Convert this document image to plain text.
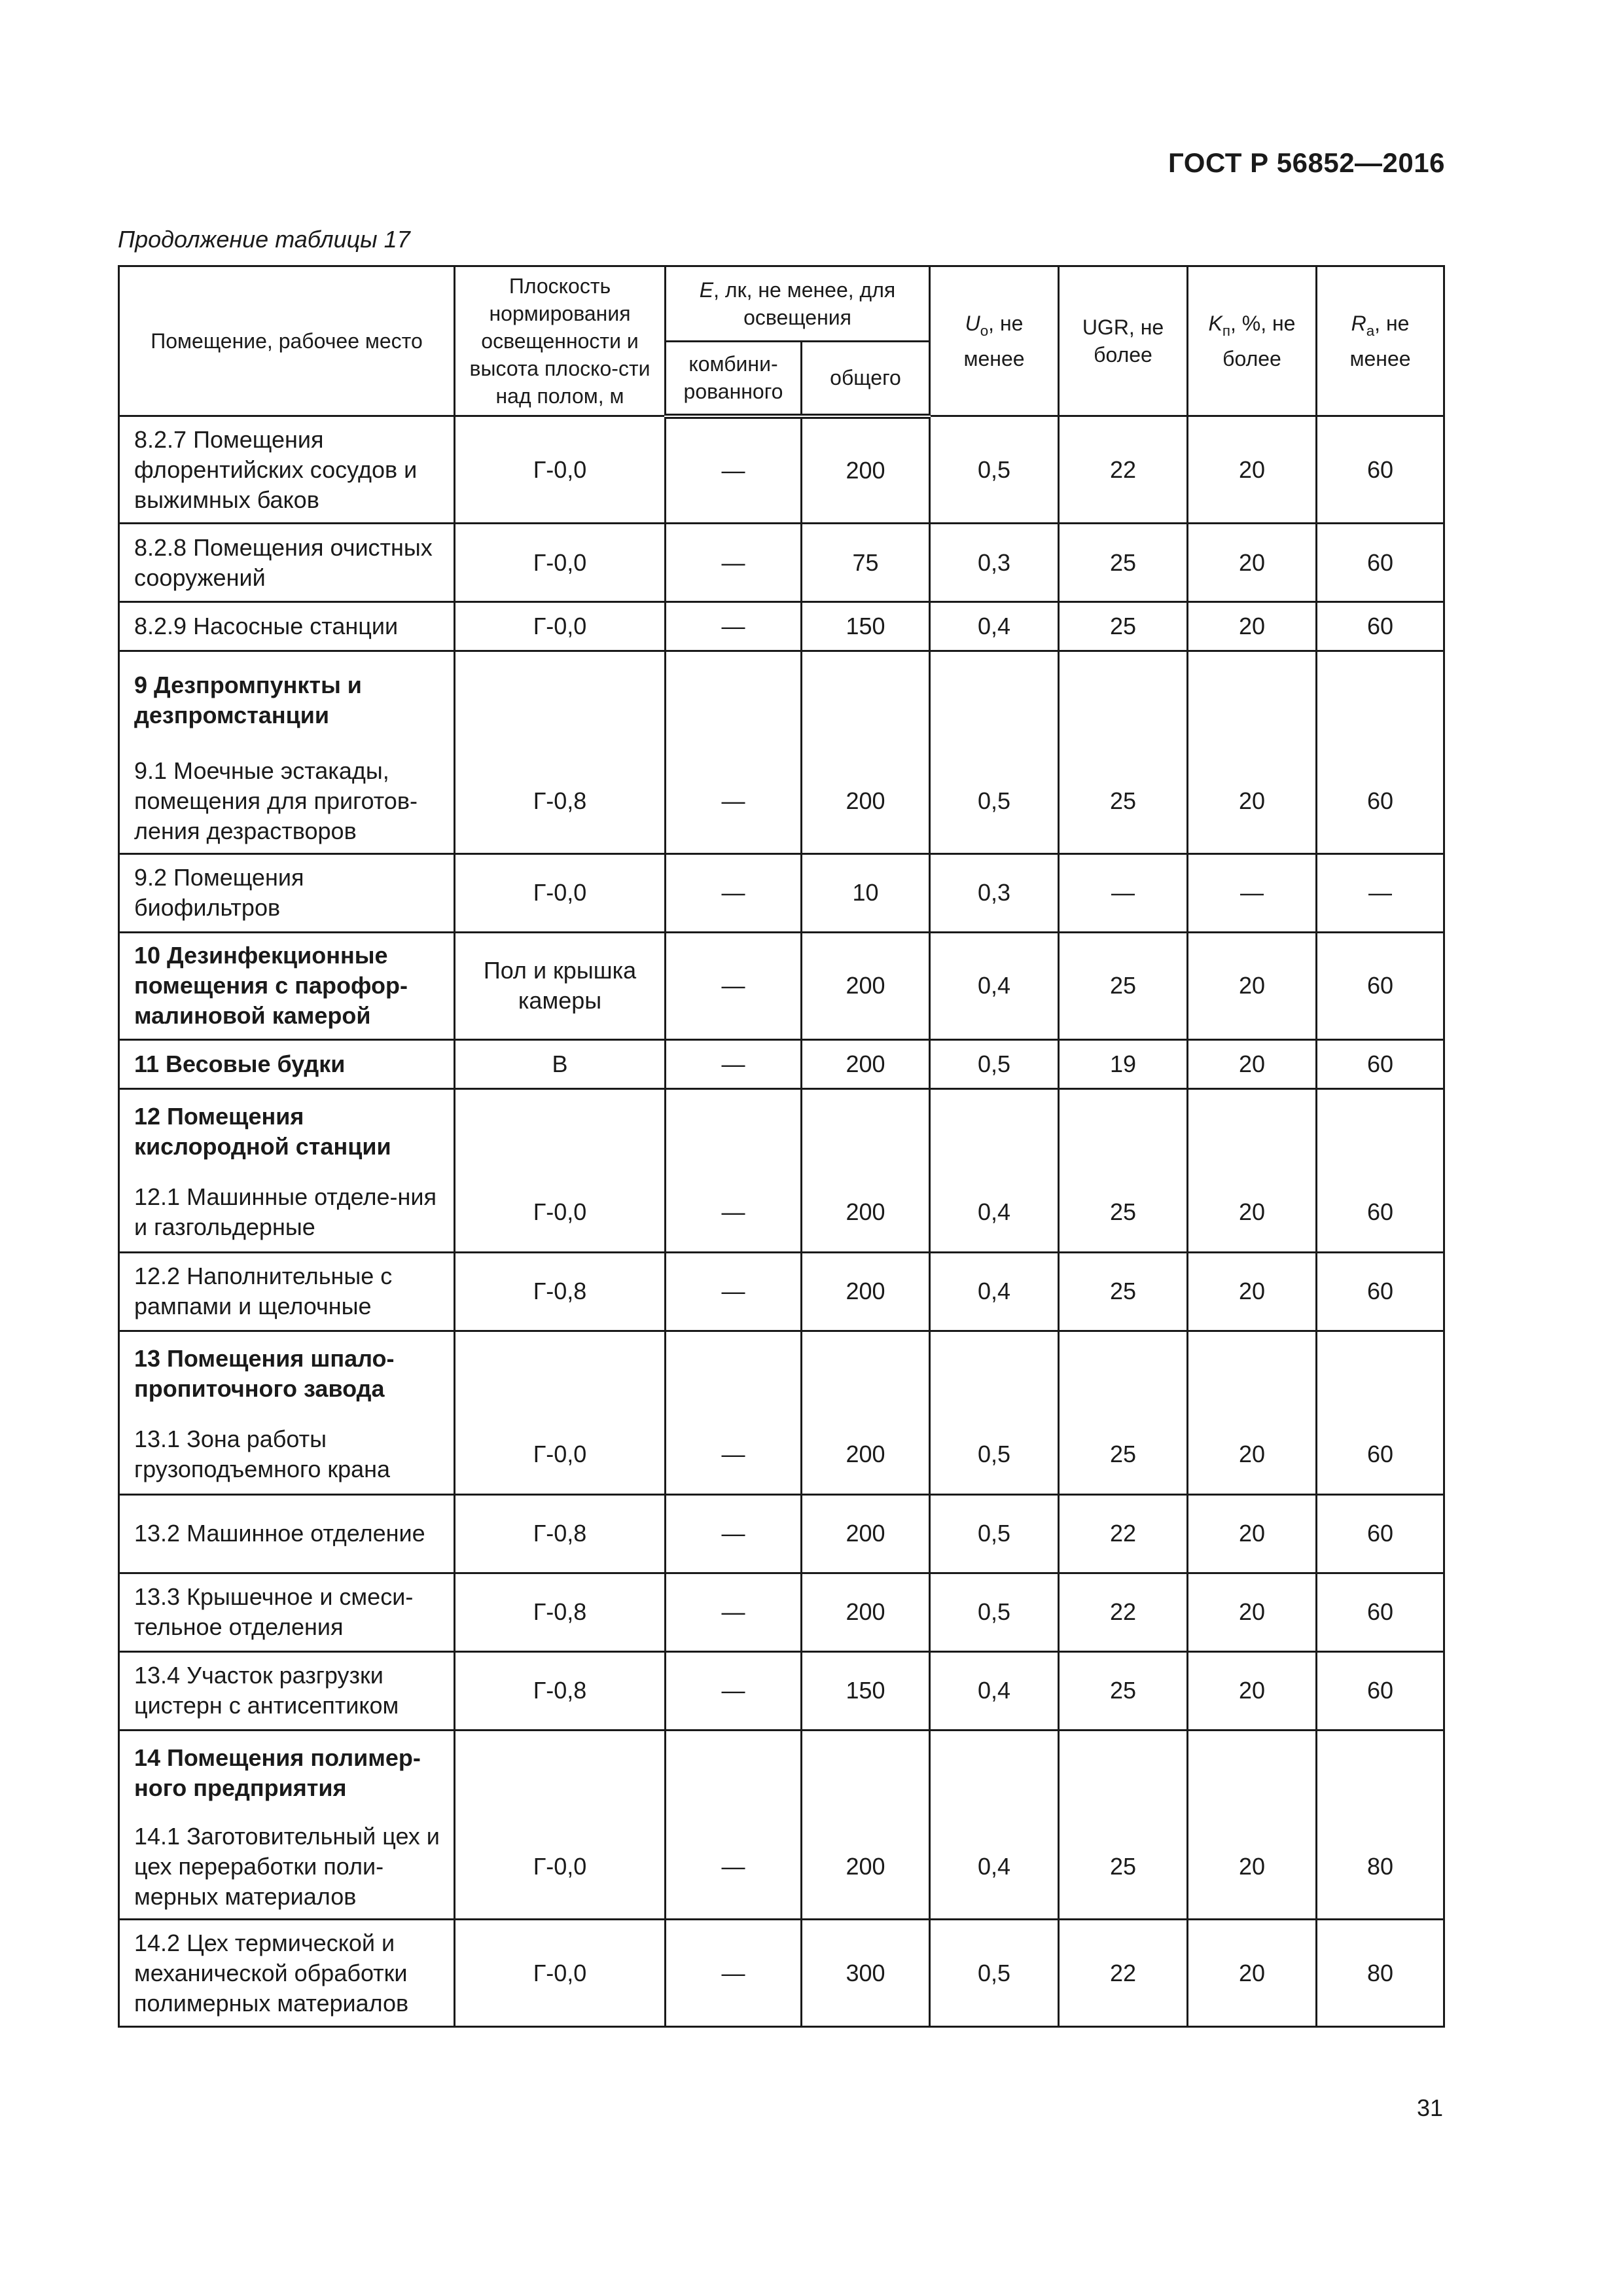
ГОСТ Р 56852—2016
Продолжение таблицы 17
Помещение, рабочее место	Плоскость нормирования освещенности и высота плоско-сти над полом, м	E, лк, не менее, для освещения		$U_о$, не менее	UGR, не более	$K_п$, %, не более	$R_a$, не менее
		комбини-рованного	общего				
8.2.7 Помещения флорентийских сосудов и выжимных баков	Г-0,0	—	200	0,5	22	20	60
8.2.8 Помещения очистных сооружений	Г-0,0	—	75	0,3	25	20	60
8.2.9 Насосные станции	Г-0,0	—	150	0,4	25	20	60
9 Дезпромпункты и дезпромстанции							
9.1 Моечные эстакады, помещения для приготов-ления дезрастворов	Г-0,8	—	200	0,5	25	20	60
9.2 Помещения биофильтров	Г-0,0	—	10	0,3	—	—	—
10 Дезинфекционные помещения с парофор-малиновой камерой	Пол и крышка камеры	—	200	0,4	25	20	60
11 Весовые будки	В	—	200	0,5	19	20	60
12 Помещения кислородной станции							
12.1 Машинные отделе-ния и газгольдерные	Г-0,0	—	200	0,4	25	20	60
12.2 Наполнительные с рампами и щелочные	Г-0,8	—	200	0,4	25	20	60
13 Помещения шпало-пропиточного завода							
13.1 Зона работы грузоподъемного крана	Г-0,0	—	200	0,5	25	20	60
13.2 Машинное отделение	Г-0,8	—	200	0,5	22	20	60
13.3 Крышечное и смеси-тельное отделения	Г-0,8	—	200	0,5	22	20	60
13.4 Участок разгрузки цистерн с антисептиком	Г-0,8	—	150	0,4	25	20	60
14 Помещения полимер-ного предприятия							
14.1 Заготовительный цех и цех переработки поли-мерных материалов	Г-0,0	—	200	0,4	25	20	80
14.2 Цех термической и механической обработки полимерных материалов	Г-0,0	—	300	0,5	22	20	80
31
